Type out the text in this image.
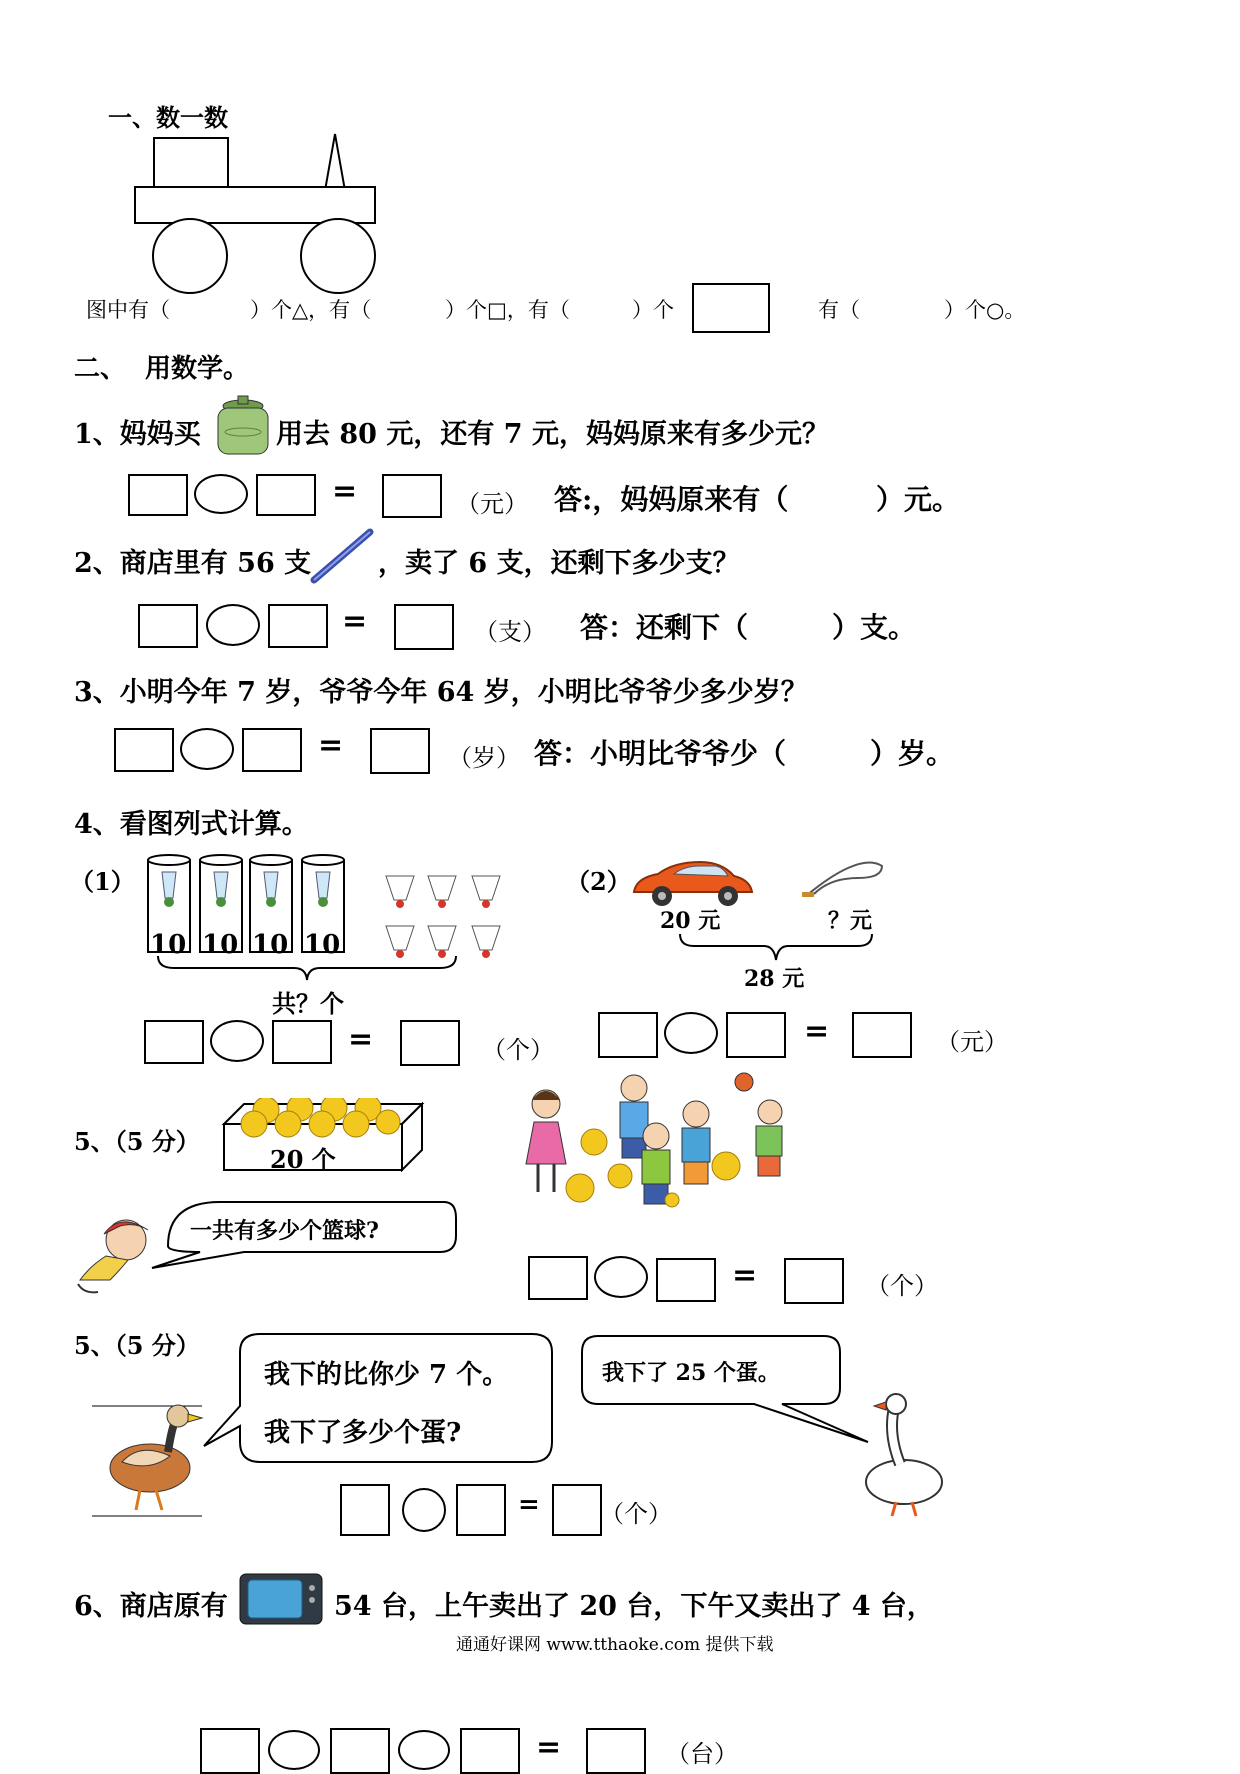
一、数一数
图中有（	）个△，有（	）个□，有（	）个	有（	）个○。
二、 用数学。
1、妈妈买	用去 80 元，还有 7 元，妈妈原来有多少元？
=	（元） 答:，妈妈原来有（	）元。
2、商店里有 56 支 ，卖了 6 支，还剩下多少支？
=	（支） 答：还剩下（	）支。
3、小明今年 7 岁，爷爷今年 64 岁，小明比爷爷少多少岁？
=	（岁） 答：小明比爷爷少（	）岁。
4、看图列式计算。
（1）
10 10 10 10
共？个
=	（个）
（2）
20 元	？元
28 元
=	（元）
5、（5 分）
20 个
一共有多少个篮球?
=	（个）
5、（5 分）
我下的比你少 7 个。
我下了多少个蛋?
我下了 25 个蛋。
=	（个）
6、商店原有	54 台，上午卖出了 20 台，下午又卖出了 4 台，
通通好课网 www.tthaoke.com 提供下载
=	（台）
